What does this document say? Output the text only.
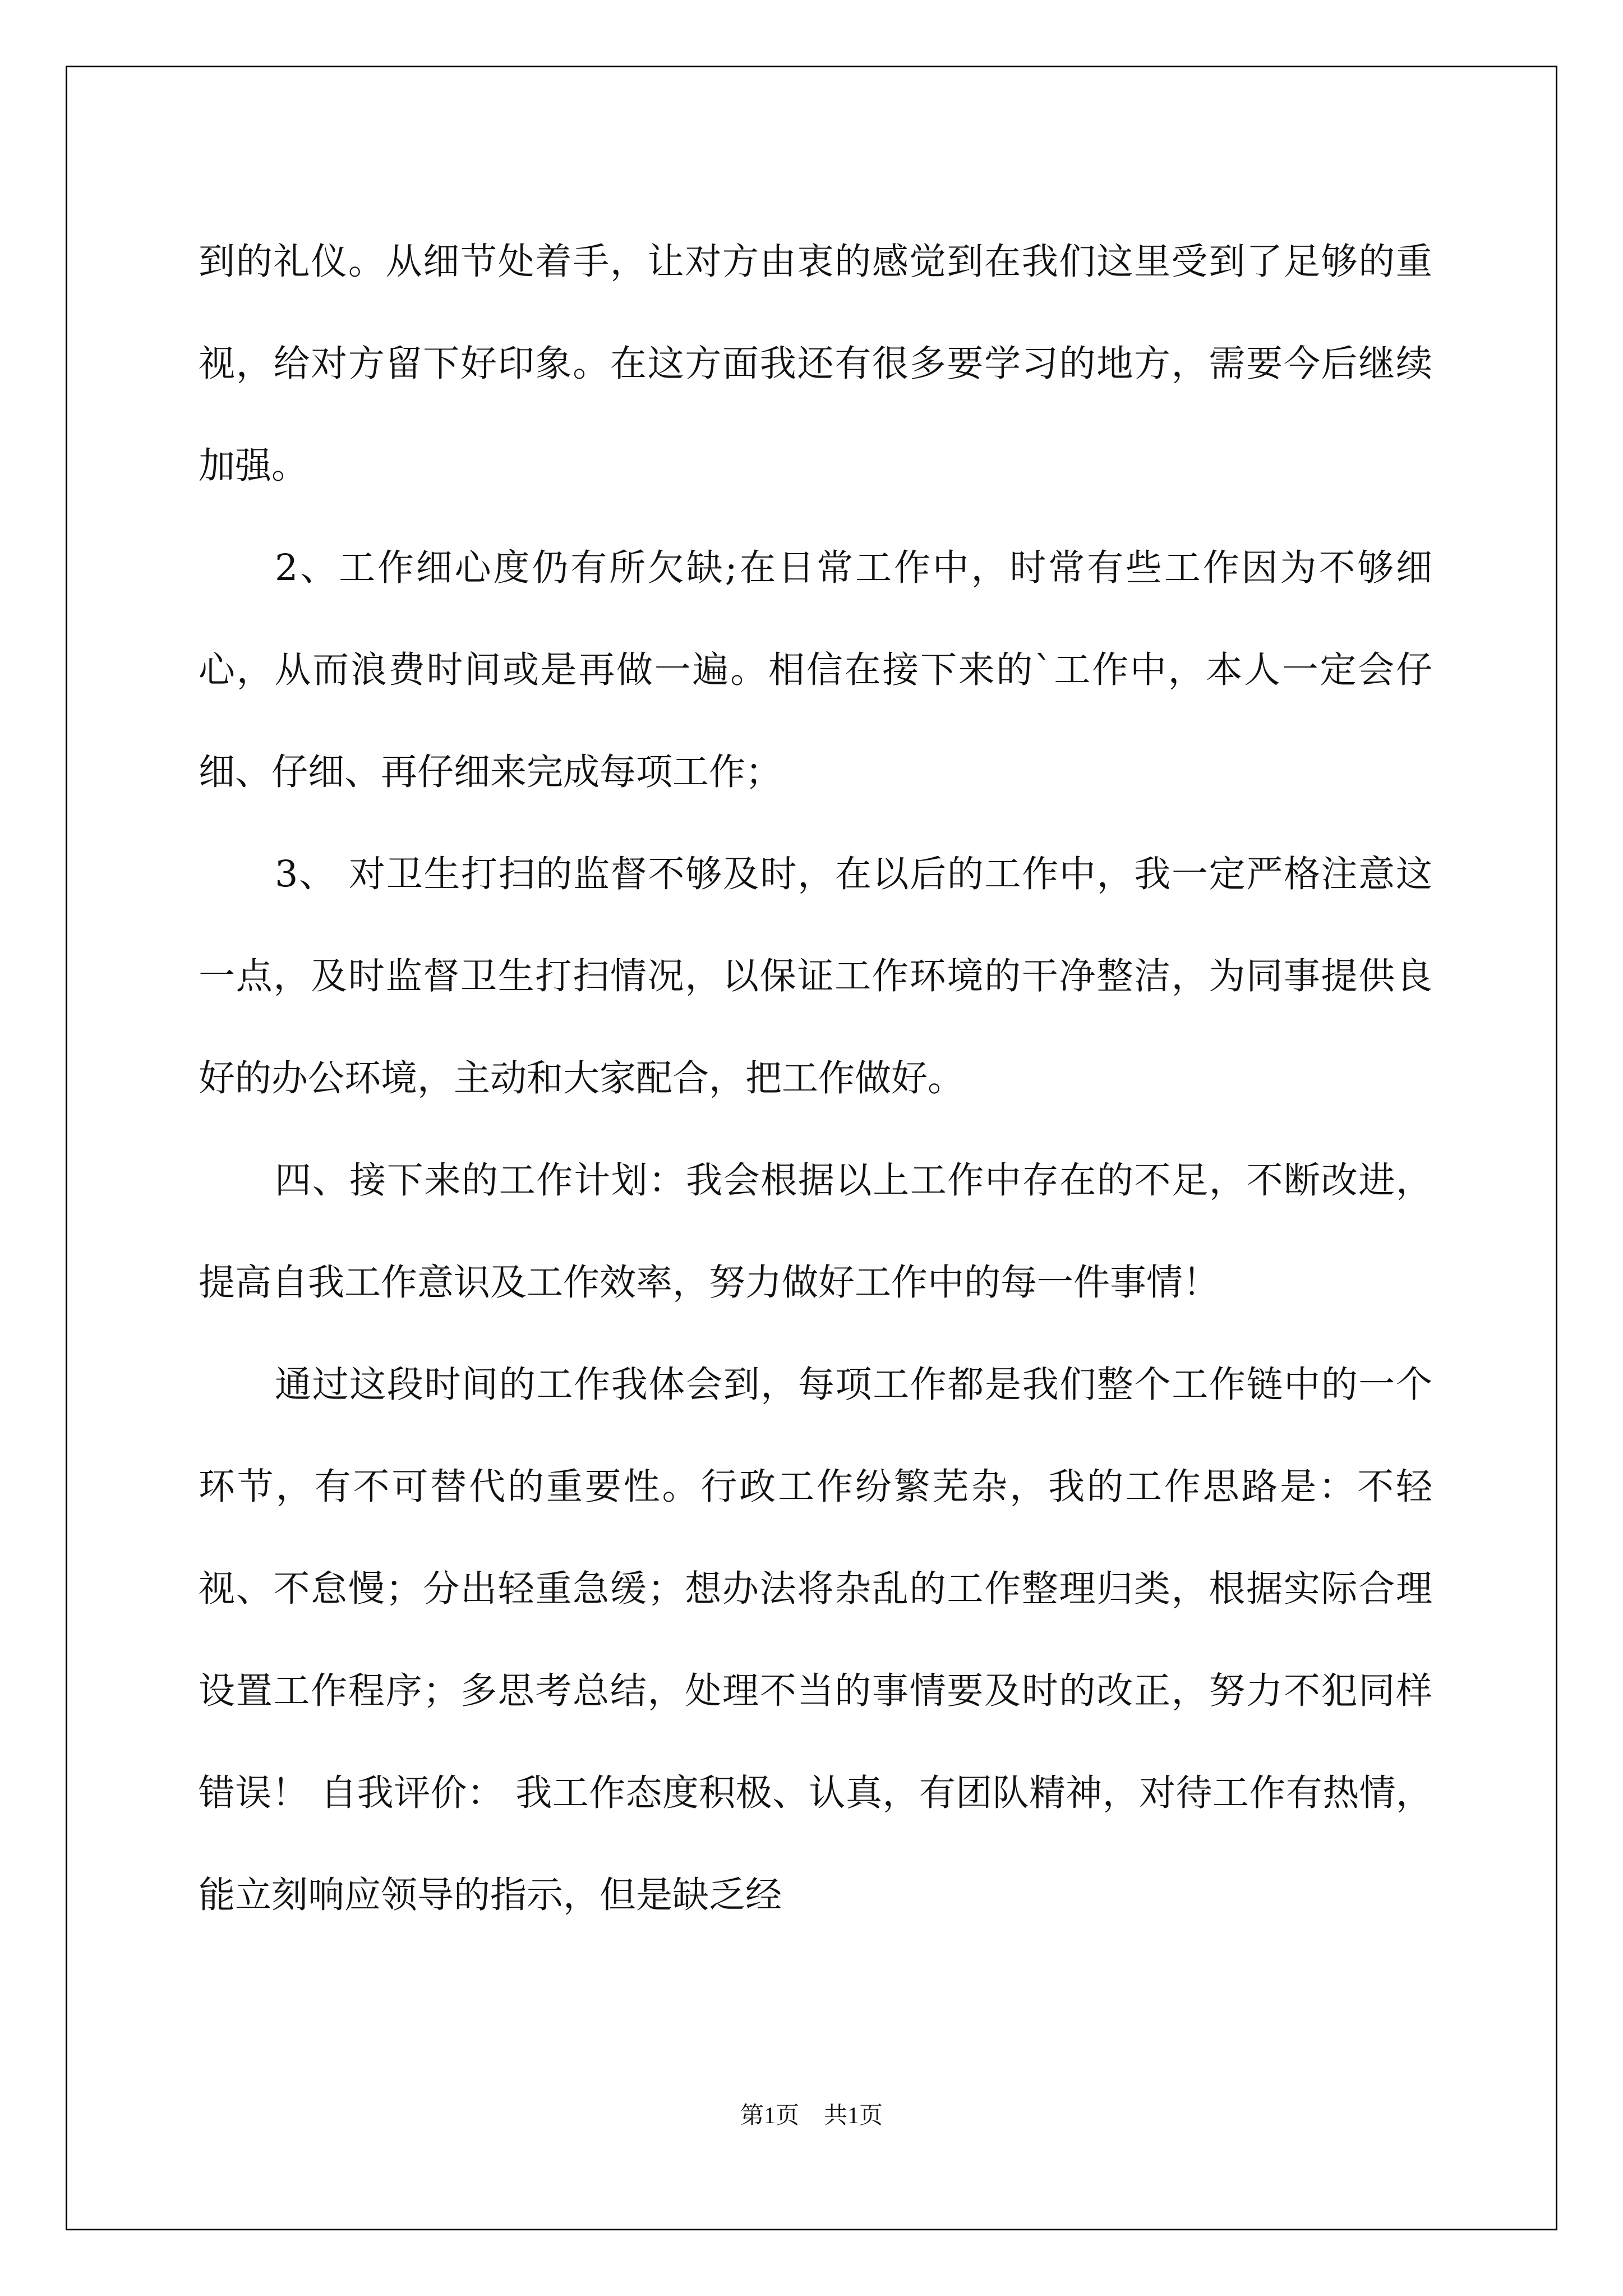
到的礼仪。从细节处着手，让对方由衷的感觉到在我们这里受到了足够的重视，给对方留下好印象。在这方面我还有很多要学习的地方，需要今后继续加强。

2、工作细心度仍有所欠缺;在日常工作中，时常有些工作因为不够细心，从而浪费时间或是再做一遍。相信在接下来的`工作中，本人一定会仔细、仔细、再仔细来完成每项工作；

3、 对卫生打扫的监督不够及时，在以后的工作中，我一定严格注意这一点，及时监督卫生打扫情况，以保证工作环境的干净整洁，为同事提供良好的办公环境，主动和大家配合，把工作做好。

四、接下来的工作计划：我会根据以上工作中存在的不足，不断改进，提高自我工作意识及工作效率，努力做好工作中的每一件事情！

通过这段时间的工作我体会到，每项工作都是我们整个工作链中的一个环节，有不可替代的重要性。行政工作纷繁芜杂，我的工作思路是：不轻视、不怠慢；分出轻重急缓；想办法将杂乱的工作整理归类，根据实际合理设置工作程序；多思考总结，处理不当的事情要及时的改正，努力不犯同样错误！ 自我评价： 我工作态度积极、认真，有团队精神，对待工作有热情，能立刻响应领导的指示，但是缺乏经

第1页 共1页
